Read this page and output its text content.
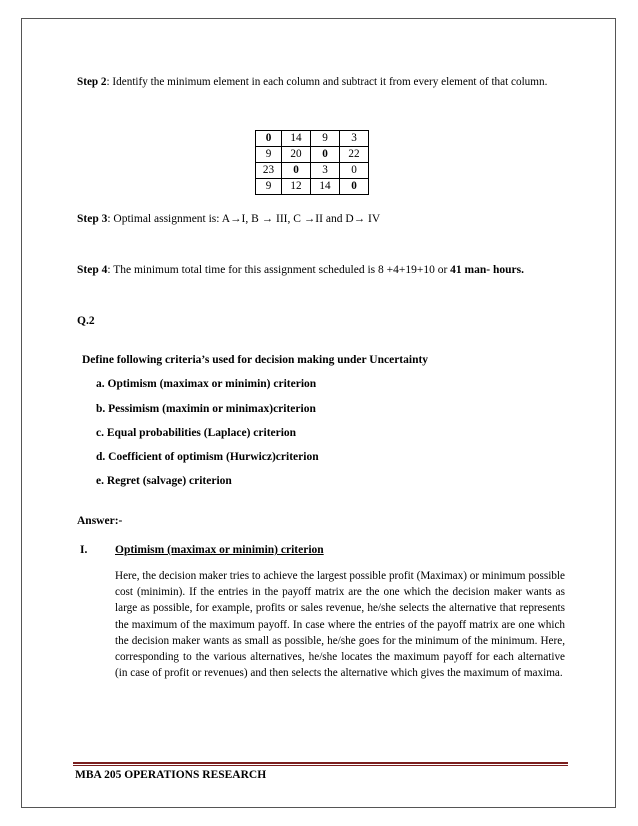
Step 2: Identify the minimum element in each column and subtract it from every element of that column.
0	14	9	3
9	20	0	22
23	0	3	0
9	12	14	0
Step 3: Optimal assignment is: A→I, B → III, C →II and D→ IV
Step 4: The minimum total time for this assignment scheduled is 8 +4+19+10 or 41 man- hours.
Q.2
Define following criteria’s used for decision making under Uncertainty
a. Optimism (maximax or minimin) criterion
b. Pessimism (maximin or minimax)criterion
c. Equal probabilities (Laplace) criterion
d. Coefficient of optimism (Hurwicz)criterion
e. Regret (salvage) criterion
Answer:-
I. Optimism (maximax or minimin) criterion
Here, the decision maker tries to achieve the largest possible profit (Maximax) or minimum possible cost (minimin). If the entries in the payoff matrix are the one which the decision maker wants as large as possible, for example, profits or sales revenue, he/she selects the alternative that represents the maximum of the maximum payoff. In case where the entries of the payoff matrix are one which the decision maker wants as small as possible, he/she goes for the minimum of the minimum. Here, corresponding to the various alternatives, he/she locates the maximum payoff for each alternative (in case of profit or revenues) and then selects the alternative which gives the maximum of maxima.
MBA 205 OPERATIONS RESEARCH
